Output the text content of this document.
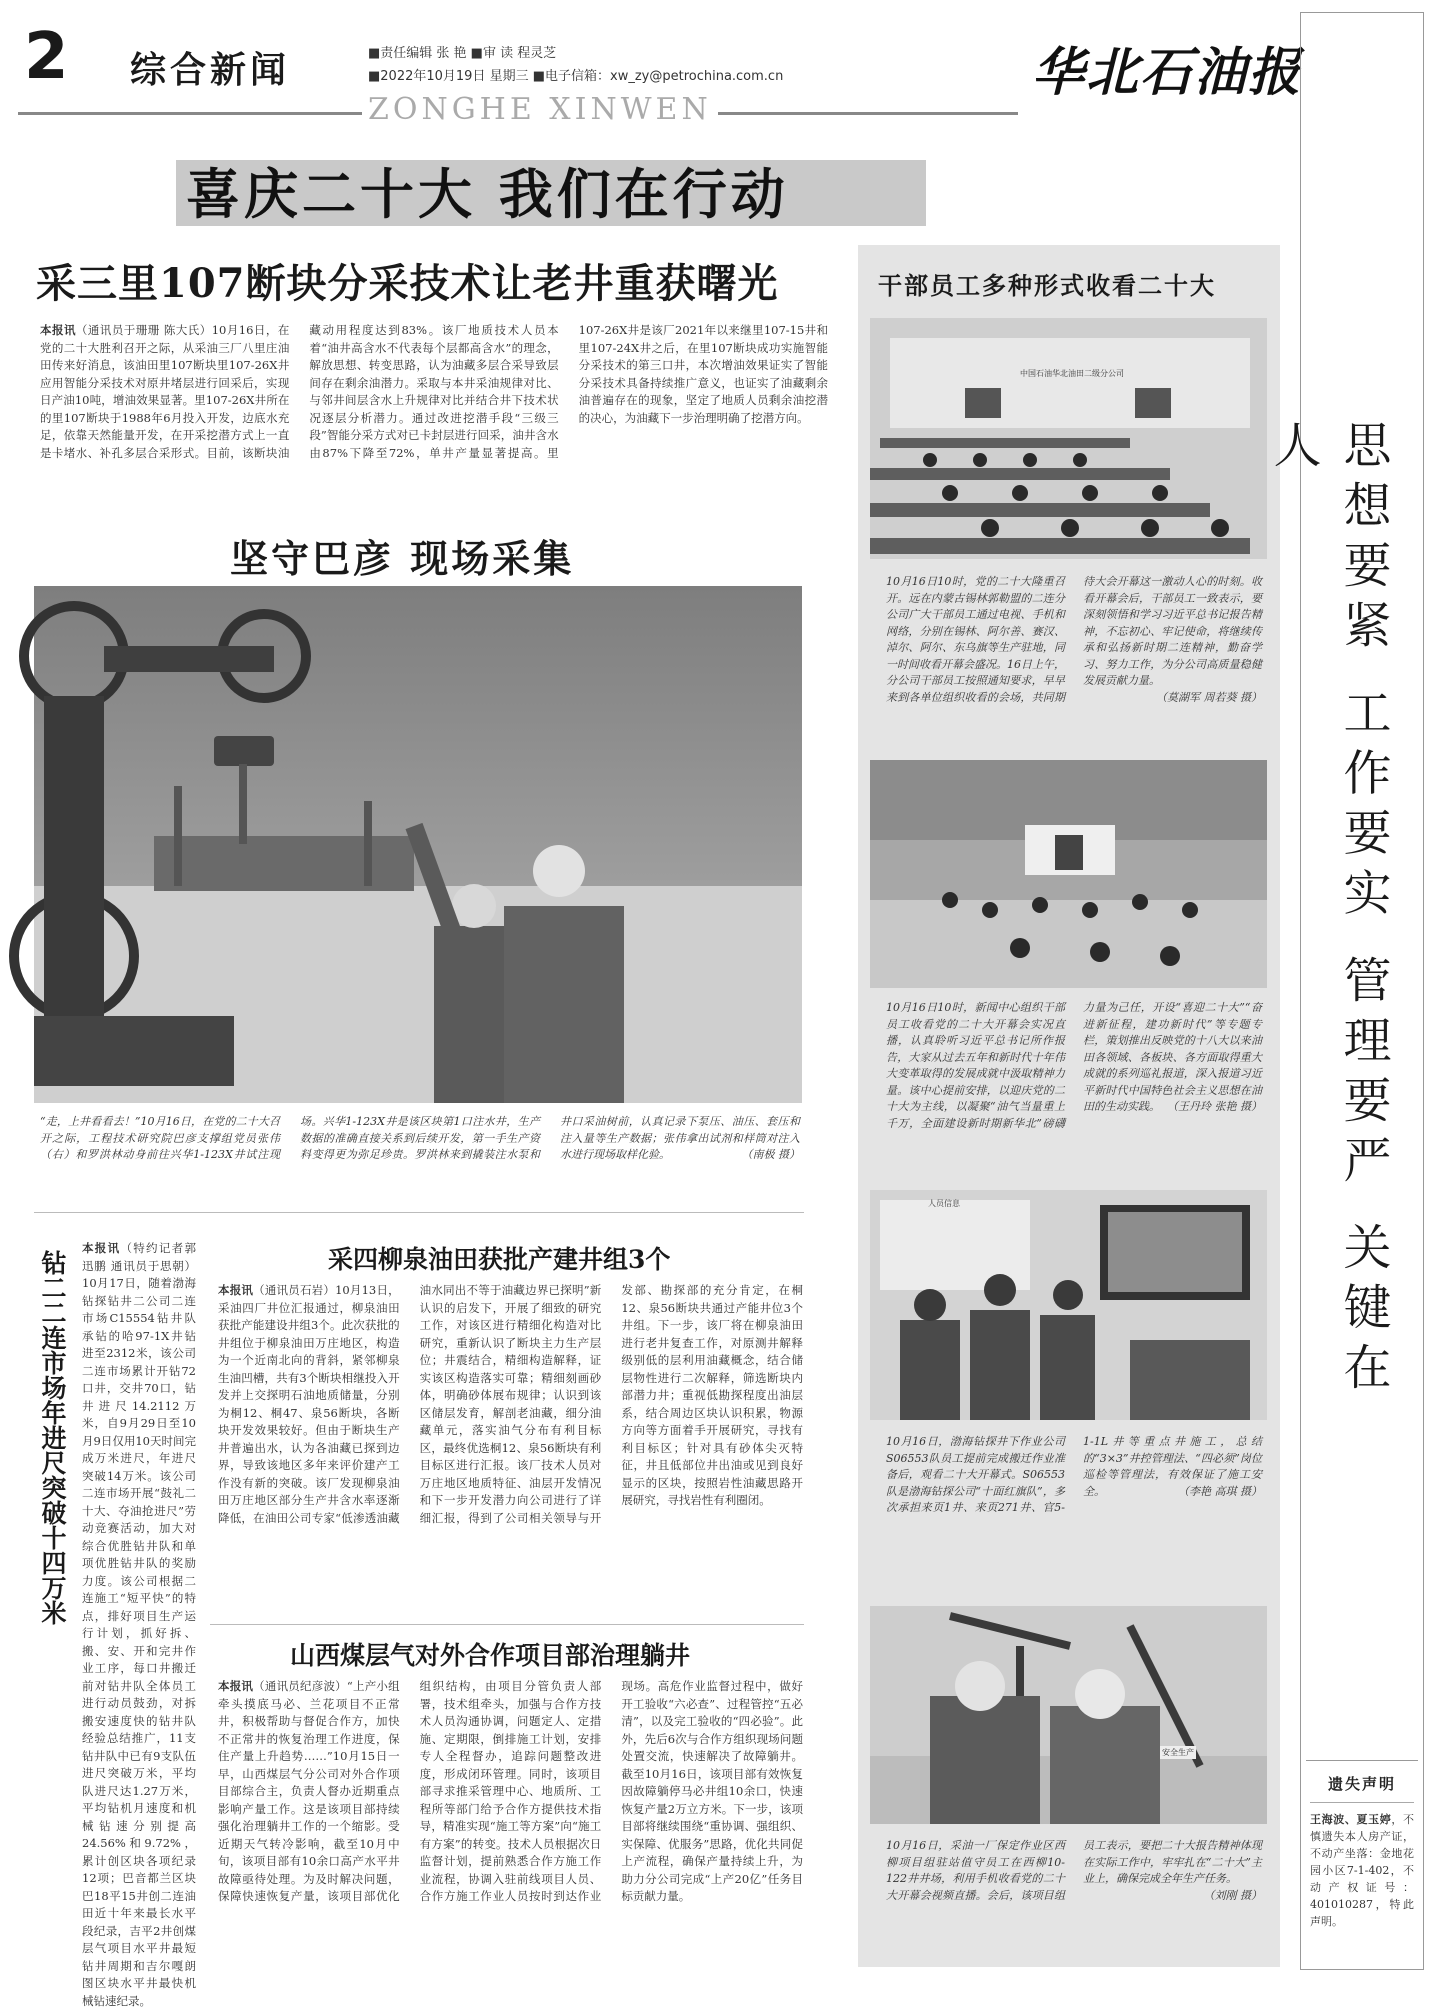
2 综合新闻	■责任编辑 张 艳 ■审 读 程灵芝
■2022年10月19日 星期三 ■电子信箱：xw_zy@petrochina.com.cn	华北石油报
ZONGHE XINWEN
喜庆二十大 我们在行动
采三里107断块分采技术让老井重获曙光
本报讯（通讯员于珊珊 陈大氏）10月16日，在党的二十大胜利召开之际，从采油三厂八里庄油田传来好消息，该油田里107断块里107-26X井应用智能分采技术对原井堵层进行回采后，实现日产油10吨，增油效果显著。里107-26X井所在的里107断块于1988年6月投入开发，边底水充足，依靠天然能量开发，在开采挖潜方式上一直是卡堵水、补孔多层合采形式。目前，该断块油藏动用程度达到83%。该厂地质技术人员本着“油井高含水不代表每个层都高含水”的理念，解放思想、转变思路，认为油藏多层合采导致层间存在剩余油潜力。采取与本井采油规律对比、与邻井间层含水上升规律对比并结合井下技术状况逐层分析潜力。通过改进挖潜手段“三级三段”智能分采方式对已卡封层进行回采，油井含水由87%下降至72%，单井产量显著提高。里107-26X井是该厂2021年以来继里107-15井和里107-24X井之后，在里107断块成功实施智能分采技术的第三口井，本次增油效果证实了智能分采技术具备持续推广意义，也证实了油藏剩余油普遍存在的现象，坚定了地质人员剩余油挖潜的决心，为油藏下一步治理明确了挖潜方向。
坚守巴彦 现场采集
“走，上井看看去！”10月16日，在党的二十大召开之际，工程技术研究院巴彦支撑组党员张伟（右）和罗洪林动身前往兴华1-123X井试注现场。兴华1-123X井是该区块第1口注水井，生产数据的准确直接关系到后续开发，第一手生产资料变得更为弥足珍贵。罗洪林来到撬装注水泵和井口采油树前，认真记录下泵压、油压、套压和注入量等生产数据；张伟拿出试剂和样筒对注入水进行现场取样化验。	（南极 摄）
钻二二连市场年进尺突破十四万米
本报讯（特约记者郭迅鹏 通讯员于思朝）10月17日，随着渤海钻探钻井二公司二连市场C15554钻井队承钻的哈97-1X井钻进至2312米，该公司二连市场累计开钻72口井，交井70口，钻井进尺14.2112万米，自9月29日至10月9日仅用10天时间完成万米进尺，年进尺突破14万米。该公司二连市场开展“鼓礼二十大、夺油抢进尺”劳动竞赛活动，加大对综合优胜钻井队和单项优胜钻井队的奖励力度。该公司根据二连施工“短平快”的特点，排好项目生产运行计划，抓好拆、搬、安、开和完井作业工序，每口井搬迁前对钻井队全体员工进行动员鼓劲，对拆搬安速度快的钻井队经验总结推广，11支钻井队中已有9支队伍进尺突破万米，平均队进尺达1.27万米，平均钻机月速度和机械钻速分别提高24.56%和9.72%，累计创区块各项纪录12项；巴音都兰区块巴18平15井创二连油田近十年来最长水平段纪录，吉平2井创煤层气项目水平井最短钻井周期和吉尔嘎朗图区块水平井最快机械钻速纪录。
采四柳泉油田获批产建井组3个
本报讯（通讯员石岩）10月13日，采油四厂井位汇报通过，柳泉油田获批产能建设井组3个。此次获批的井组位于柳泉油田万庄地区，构造为一个近南北向的背斜，紧邻柳泉生油凹槽，共有3个断块相继投入开发并上交探明石油地质储量，分别为桐12、桐47、泉56断块，各断块开发效果较好。但由于断块生产井普遍出水，认为各油藏已探到边界，导致该地区多年来评价建产工作没有新的突破。该厂发现柳泉油田万庄地区部分生产井含水率逐渐降低，在油田公司专家“低渗透油藏油水同出不等于油藏边界已探明”新认识的启发下，开展了细致的研究工作，对该区进行精细化构造对比研究，重新认识了断块主力生产层位；井震结合，精细构造解释，证实该区构造落实可靠；精细刻画砂体，明确砂体展布规律；认识到该区储层发育，解剖老油藏，细分油藏单元，落实油气分布有利目标区，最终优选桐12、泉56断块有利目标区进行汇报。该厂技术人员对万庄地区地质特征、油层开发情况和下一步开发潜力向公司进行了详细汇报，得到了公司相关领导与开发部、勘探部的充分肯定，在桐12、泉56断块共通过产能井位3个井组。下一步，该厂将在柳泉油田进行老井复查工作，对原测井解释级别低的层利用油藏概念，结合储层物性进行二次解释，筛选断块内部潜力井；重视低勘探程度出油层系，结合周边区块认识积累，物源方向等方面着手开展研究，寻找有利目标区；针对具有砂体尖灭特征，井且低部位井出油或见到良好显示的区块，按照岩性油藏思路开展研究，寻找岩性有利圈闭。
山西煤层气对外合作项目部治理躺井
本报讯（通讯员纪彦波）“上产小组牵头摸底马必、兰花项目不正常井，积极帮助与督促合作方，加快不正常井的恢复治理工作进度，保住产量上升趋势……”10月15日一早，山西煤层气分公司对外合作项目部综合主，负责人督办近期重点影响产量工作。这是该项目部持续强化治理躺井工作的一个缩影。受近期天气转冷影响，截至10月中旬，该项目部有10余口高产水平井故障亟待处理。为及时解决问题，保障快速恢复产量，该项目部优化组织结构，由项目分管负责人部署，技术组牵头，加强与合作方技术人员沟通协调，问题定人、定措施、定期限，倒排施工计划，安排专人全程督办，追踪问题整改进度，形成闭环管理。同时，该项目部寻求推采管理中心、地质所、工程所等部门给予合作方提供技术指导，精准实现“施工等方案”向“施工有方案”的转变。技术人员根据次日监督计划，提前熟悉合作方施工作业流程，协调入驻前线项目人员、合作方施工作业人员按时到达作业现场。高危作业监督过程中，做好开工验收“六必查”、过程管控“五必清”，以及完工验收的“四必验”。此外，先后6次与合作方组织现场问题处置交流，快速解决了故障躺井。截至10月16日，该项目部有效恢复因故障躺停马必井组10余口，快速恢复产量2万立方米。下一步，该项目部将继续围绕“重协调、强组织、实保障、优服务”思路，优化共同促上产流程，确保产量持续上升，为助力分公司完成“上产20亿”任务目标贡献力量。
干部员工多种形式收看二十大
中国石油华北油田二级分公司
10月16日10时，党的二十大隆重召开。远在内蒙古锡林郭勒盟的二连分公司广大干部员工通过电视、手机和网络，分别在锡林、阿尔善、赛汉、淖尔、阿尔、东乌旗等生产驻地，同一时间收看开幕会盛况。16日上午，分公司干部员工按照通知要求，早早来到各单位组织收看的会场，共同期待大会开幕这一激动人心的时刻。收看开幕会后，干部员工一致表示，要深刻领悟和学习习近平总书记报告精神，不忘初心、牢记使命，将继续传承和弘扬新时期二连精神，勤奋学习、努力工作，为分公司高质量稳健发展贡献力量。
（莫湖军 周若葵 摄）
10月16日10时，新闻中心组织干部员工收看党的二十大开幕会实况直播，认真聆听习近平总书记所作报告，大家从过去五年和新时代十年伟大变革取得的发展成就中汲取精神力量。该中心提前安排，以迎庆党的二十大为主线，以凝聚“油气当量重上千万，全面建设新时期新华北”磅礴力量为己任，开设“喜迎二十大”“奋进新征程，建功新时代”等专题专栏，策划推出反映党的十八大以来油田各领域、各板块、各方面取得重大成就的系列巡礼报道，深入报道习近平新时代中国特色社会主义思想在油田的生动实践。 （王丹玲 张艳 摄）
人员信息
10月16日，渤海钻探井下作业公司S06553队员工提前完成搬迁作业准备后，观看二十大开幕式。S06553队是渤海钻探公司“十面红旗队”，多次承担来页1井、来页271井、官5-1-1L井等重点井施工，总结的“3×3”井控管理法、“四必须”岗位巡检等管理法，有效保证了施工安全。	（李艳 高琪 摄）
安全生产
10月16日，采油一厂保定作业区西柳项目组驻站值守员工在西柳10-122井井场，利用手机收看党的二十大开幕会视频直播。会后，该项目组员工表示，要把二十大报告精神体现在实际工作中，牢牢扎在“二十大”主业上，确保完成全年生产任务。
（刘刚 摄）
思想要紧 工作要实 管理要严 关键在人
遗失声明
王海波、夏玉婷，不慎遗失本人房产证，不动产坐落：金地花园小区7-1-402，不动产权证号：401010287，特此声明。
